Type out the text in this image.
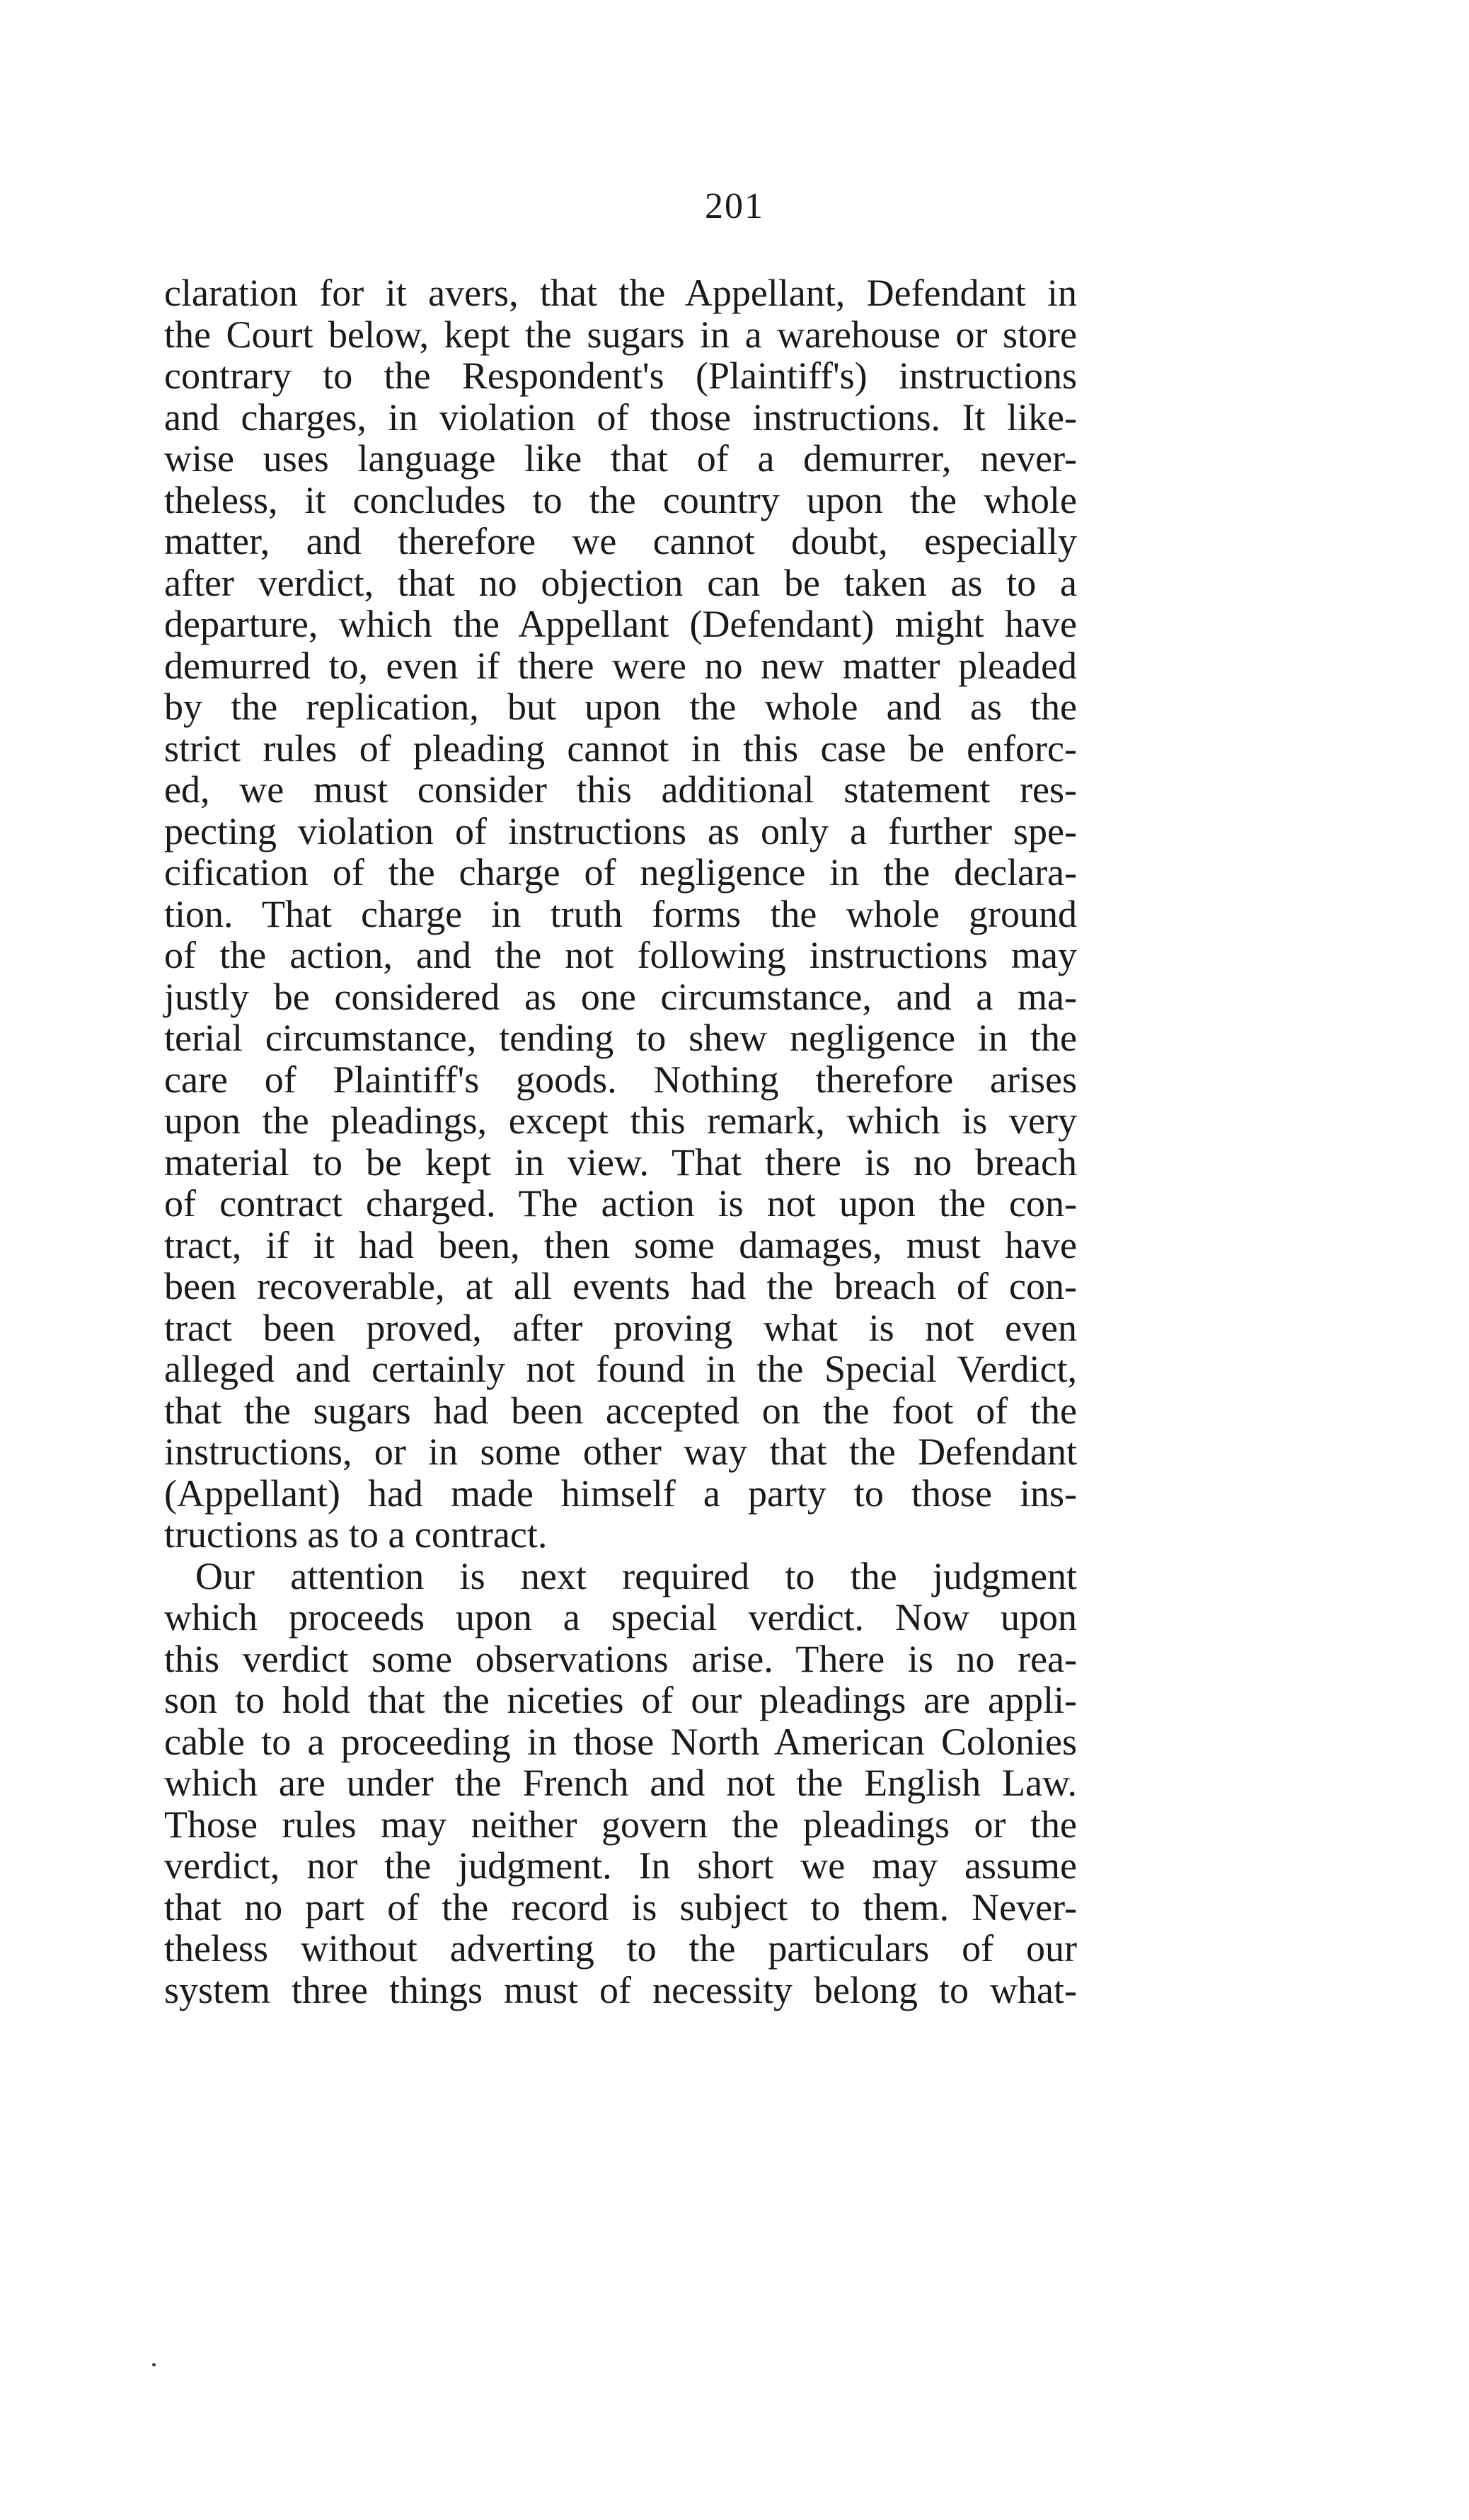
201
claration for it avers, that the Appellant, Defendant in
the Court below, kept the sugars in a warehouse or store
contrary to the Respondent's (Plaintiff's) instructions
and charges, in violation of those instructions. It like-
wise uses language like that of a demurrer, never-
theless, it concludes to the country upon the whole
matter, and therefore we cannot doubt, especially
after verdict, that no objection can be taken as to a
departure, which the Appellant (Defendant) might have
demurred to, even if there were no new matter pleaded
by the replication, but upon the whole and as the
strict rules of pleading cannot in this case be enforc-
ed, we must consider this additional statement res-
pecting violation of instructions as only a further spe-
cification of the charge of negligence in the declara-
tion. That charge in truth forms the whole ground
of the action, and the not following instructions may
justly be considered as one circumstance, and a ma-
terial circumstance, tending to shew negligence in the
care of Plaintiff's goods. Nothing therefore arises
upon the pleadings, except this remark, which is very
material to be kept in view. That there is no breach
of contract charged. The action is not upon the con-
tract, if it had been, then some damages, must have
been recoverable, at all events had the breach of con-
tract been proved, after proving what is not even
alleged and certainly not found in the Special Verdict,
that the sugars had been accepted on the foot of the
instructions, or in some other way that the Defendant
(Appellant) had made himself a party to those ins-
tructions as to a contract.
Our attention is next required to the judgment
which proceeds upon a special verdict. Now upon
this verdict some observations arise. There is no rea-
son to hold that the niceties of our pleadings are appli-
cable to a proceeding in those North American Colonies
which are under the French and not the English Law.
Those rules may neither govern the pleadings or the
verdict, nor the judgment. In short we may assume
that no part of the record is subject to them. Never-
theless without adverting to the particulars of our
system three things must of necessity belong to what-
